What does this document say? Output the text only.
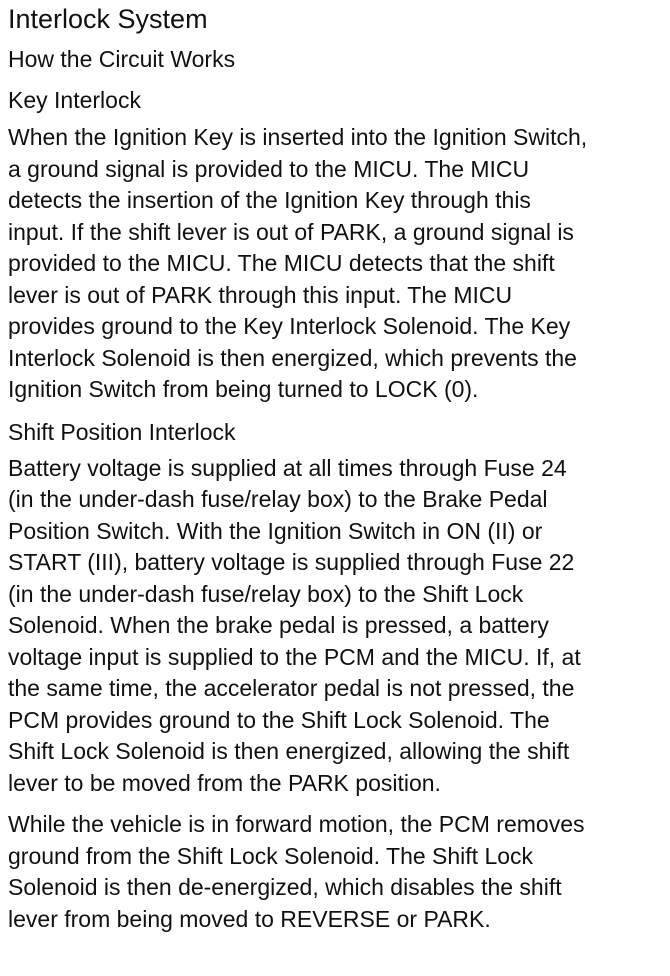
Interlock System
How the Circuit Works
Key Interlock

When the Ignition Key is inserted into the Ignition Switch,
a ground signal is provided to the MICU. The MICU
detects the insertion of the Ignition Key through this
input. If the shift lever is out of PARK, a ground signal is
provided to the MICU. The MICU detects that the shift
lever is out of PARK through this input. The MICU
provides ground to the Key Interlock Solenoid. The Key
Interlock Solenoid is then energized, which prevents the
Ignition Switch from being turned to LOCK (0).

Shift Position Interlock

Battery voltage is supplied at all times through Fuse 24
(in the under-dash fuse/relay box) to the Brake Pedal
Position Switch. With the Ignition Switch in ON (II) or
START (III), battery voltage is supplied through Fuse 22
(in the under-dash fuse/relay box) to the Shift Lock
Solenoid. When the brake pedal is pressed, a battery
voltage input is supplied to the PCM and the MICU. If, at
the same time, the accelerator pedal is not pressed, the
PCM provides ground to the Shift Lock Solenoid. The
Shift Lock Solenoid is then energized, allowing the shift
lever to be moved from the PARK position.

While the vehicle is in forward motion, the PCM removes
ground from the Shift Lock Solenoid. The Shift Lock
Solenoid is then de-energized, which disables the shift
lever from being moved to REVERSE or PARK.
